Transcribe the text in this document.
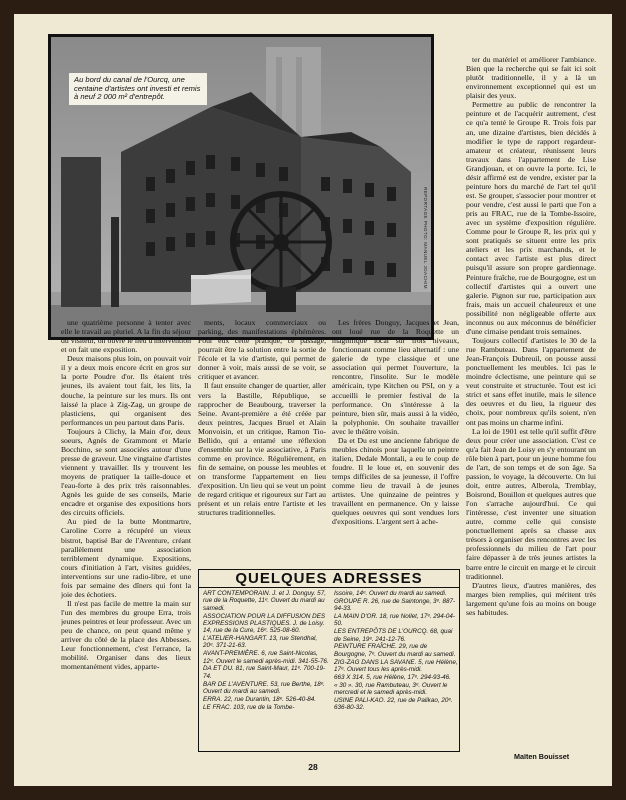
Au bord du canal de l'Ourcq, une centaine d'artistes ont investi et remis à neuf 2 000 m² d'entrepôt.
REPORTAGE PHOTO: MANUEL JOACHIM

une quatrième personne à tenter avec elle le travail au pluriel. A la fin du séjour du visiteur, on ouvre le lieu d'intervention et on fait une exposition.

Deux maisons plus loin, on pouvait voir il y a deux mois encore écrit en gros sur la porte Poudre d'or. Ils étaient très jeunes, ils avaient tout fait, les lits, la douche, la peinture sur les murs. Ils ont laissé la place à Zig-Zag, un groupe de plasticiens, qui organisent des performances un peu partout dans Paris.

Toujours à Clichy, la Main d'or, deux soeurs, Agnès de Grammont et Marie Bocchino, se sont associées autour d'une presse de graveur. Une vingtaine d'artistes viennent y travailler. Ils y trouvent les moyens de pratiquer la taille-douce et l'eau-forte à des prix très raisonnables. Agnès les guide de ses conseils, Marie encadre et organise des expositions hors des circuits officiels.

Au pied de la butte Montmartre, Caroline Corre a récupéré un vieux bistrot, baptisé Bar de l'Aventure, créant parallèlement une association terriblement dynamique. Expositions, cours d'initiation à l'art, visites guidées, interventions sur une radio-libre, et une fois par semaine des dîners qui font la joie des échotiers.

Il n'est pas facile de mettre la main sur l'un des membres du groupe Erra, trois jeunes peintres et leur professeur. Avec un peu de chance, on peut quand même y arriver du côté de la place des Abbesses. Leur fonctionnement, c'est l'errance, la mobilité. Organiser dans des lieux momentanément vides, apparte-

ments, locaux commerciaux ou parking, des manifestations éphémères. Pour eux cette pratique, ce passage, pourrait être la solution entre la sortie de l'école et la vie d'artiste, qui permet de donner à voir, mais aussi de se voir, se critiquer et avancer.

Il faut ensuite changer de quartier, aller vers la Bastille, République, se rapprocher de Beaubourg, traverser la Seine. Avant-première a été créée par deux peintres, Jacques Bruel et Alain Monvoisin, et un critique, Ramon Tio-Bellido, qui a entamé une réflexion d'ensemble sur la vie associative, à Paris comme en province. Régulièrement, en fin de semaine, on pousse les meubles et on transforme l'appartement en lieu d'exposition. Un lieu qui se veut un point de regard critique et rigoureux sur l'art au présent et un relais entre l'artiste et les structures traditionnelles.

Les frères Donguy, Jacques et Jean, ont loué rue de la Roquette un magnifique local sur trois niveaux, fonctionnant comme lieu alternatif : une galerie de type classique et une association qui permet l'ouverture, la rencontre, l'insolite. Sur le modèle américain, type Kitchen ou PSI, on y a accueilli le premier festival de la performance. On s'intéresse à la peinture, bien sûr, mais aussi à la vidéo, la polyphonie. On souhaite travailler avec le théâtre voisin.

Da et Du est une ancienne fabrique de meubles chinois pour laquelle un peintre italien, Dedale Montali, a eu le coup de foudre. Il le loue et, en souvenir des temps difficiles de sa jeunesse, il l'offre comme lieu de travail à de jeunes artistes. Une quinzaine de peintres y travaillent en permanence. On y laisse quelques oeuvres qui sont vendues lors d'expositions. L'argent sert à ache-

ter du matériel et améliorer l'ambiance. Bien que la recherche qui se fait ici soit plutôt traditionnelle, il y a là un environnement exceptionnel qui est un plaisir des yeux.

Permettre au public de rencontrer la peinture et de l'acquérir autrement, c'est ce qu'a tenté le Groupe R. Trois fois par an, une dizaine d'artistes, bien décidés à modifier le type de rapport regardeur-amateur et créateur, réunissent leurs travaux dans l'appartement de Lise Grandjouan, et on ouvre la porte. Ici, le désir affirmé est de vendre, exister par la peinture hors du marché de l'art tel qu'il est. Se grouper, s'associer pour montrer et pour vendre, c'est aussi le parti que l'on a pris au FRAC, rue de la Tombe-Issoire, avec un système d'exposition régulière. Comme pour le Groupe R, les prix qui y sont pratiqués se situent entre les prix ateliers et les prix marchands, et le contact avec l'artiste est plus direct puisqu'il assure son propre gardiennage. Peinture fraîche, rue de Bourgogne, est un collectif d'artistes qui a ouvert une galerie. Pignon sur rue, participation aux frais, mais un accueil chaleureux et une possibilité non négligeable offerte aux inconnus ou aux méconnus de bénéficier d'une cimaise pendant trois semaines.

Toujours collectif d'artistes le 30 de la rue Rambuteau. Dans l'appartement de Jean-François Dubreuil, on pousse aussi ponctuellement les meubles. Ici pas le moindre éclectisme, une peinture qui se veut construite et structurée. Tout est ici strict et sans effet inutile, mais le silence des oeuvres et du lieu, la rigueur des choix, pour nombreux qu'ils soient, n'en ont pas moins un charme infini.

La loi de 1901 est telle qu'il suffit d'être deux pour créer une association. C'est ce qu'a fait Jean de Loisy en s'y entourant un rôle bien à part, pour un jeune homme fou de l'art, de son temps et de son âge. Sa passion, le voyage, la découverte. On lui doit, entre autres, Alberola, Tremblay, Boisrond, Bouillon et quelques autres que l'on s'arrache aujourd'hui. Ce qui l'intéresse, c'est inventer une situation autre, comme celle qui consiste ponctuellement après sa chasse aux trésors à organiser des rencontres avec les professionnels du milieu de l'art pour faire dépasser à de très jeunes artistes la barre entre le circuit en marge et le circuit traditionnel.

D'autres lieux, d'autres manières, des marges bien remplies, qui méritent très largement qu'une fois au moins on bouge ses habitudes.

QUELQUES ADRESSES

ART CONTEMPORAIN. J. et J. Donguy. 57, rue de la Roquette, 11ᵉ. Ouvert du mardi au samedi.

ASSOCIATION POUR LA DIFFUSION DES EXPRESSIONS PLASTIQUES. J. de Loisy. 14, rue de la Cure, 16ᵉ. 525-08-60.

L'ATELIER-HANGART. 13, rue Stendhal, 20ᵉ. 371-21-63.

AVANT-PREMIÈRE. 6, rue Saint-Nicolas, 12ᵉ. Ouvert le samedi après-midi. 341-55-76.

DA ET DU. 81, rue Saint-Maur, 11ᵉ. 700-19-74.

BAR DE L'AVENTURE. 53, rue Berthe, 18ᵉ. Ouvert du mardi au samedi.

ERRA. 22, rue Durantin, 18ᵉ. 526-40-84.

LE FRAC. 103, rue de la Tombe-

Issoire, 14ᵉ. Ouvert du mardi au samedi.

GROUPE R. 26, rue de Saintonge, 3ᵉ. 887-94-33.

LA MAIN D'OR. 18, rue Nollet, 17ᵉ. 294-04-50.

LES ENTREPÔTS DE L'OURCQ. 68, quai de Seine, 19ᵉ. 241-12-76.

PEINTURE FRAÎCHE. 29, rue de Bourgogne, 7ᵉ. Ouvert du mardi au samedi.

ZIG-ZAG DANS LA SAVANE. 5, rue Hélène, 17ᵉ. Ouvert tous les après-midi.

663 X 314. 5, rue Hélène, 17ᵉ. 294-93-46.

« 30 ». 30, rue Rambuteau, 3ᵉ. Ouvert le mercredi et le samedi après-midi.

USINE PALI-KAO. 22, rue de Palikao, 20ᵉ. 636-80-32.

Maïten Bouisset
28
